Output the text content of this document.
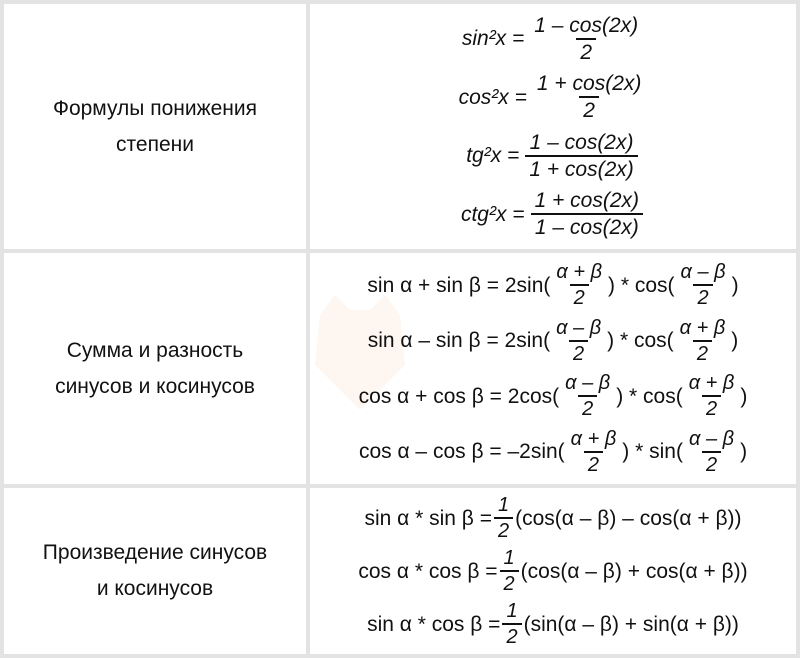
Формулы понижения
степени
$\sin^2x = \frac{1 - \cos(2x)}{2}$
$\cos^2x = \frac{1 + \cos(2x)}{2}$
$tg^2x = \frac{1 - \cos(2x)}{1 + \cos(2x)}$
$ctg^2x = \frac{1 + \cos(2x)}{1 - \cos(2x)}$
Сумма и разность
синусов и косинусов
$\sin \alpha + \sin \beta = 2\sin( \frac{\alpha + \beta}{2}$ ) * $\cos( \frac{\alpha - \beta}{2}$ )
$\sin \alpha - \sin \beta = 2\sin( \frac{\alpha - \beta}{2}$ ) * $\cos( \frac{\alpha + \beta}{2}$ )
$\cos \alpha + \cos \beta = 2\cos( \frac{\alpha - \beta}{2}$ ) * $\cos( \frac{\alpha + \beta}{2}$ )
$\cos \alpha - \cos \beta = -2\sin( \frac{\alpha + \beta}{2}$ ) * $\sin( \frac{\alpha - \beta}{2}$ )
Произведение синусов
и косинусов
$\sin \alpha * \sin \beta = \frac{1}{2} (\cos(\alpha - \beta) - \cos(\alpha + \beta))$
$\cos \alpha * \cos \beta = \frac{1}{2} (\cos(\alpha - \beta) + \cos(\alpha + \beta))$
$\sin \alpha * \cos \beta = \frac{1}{2} (\sin(\alpha - \beta) + \sin(\alpha + \beta))$
